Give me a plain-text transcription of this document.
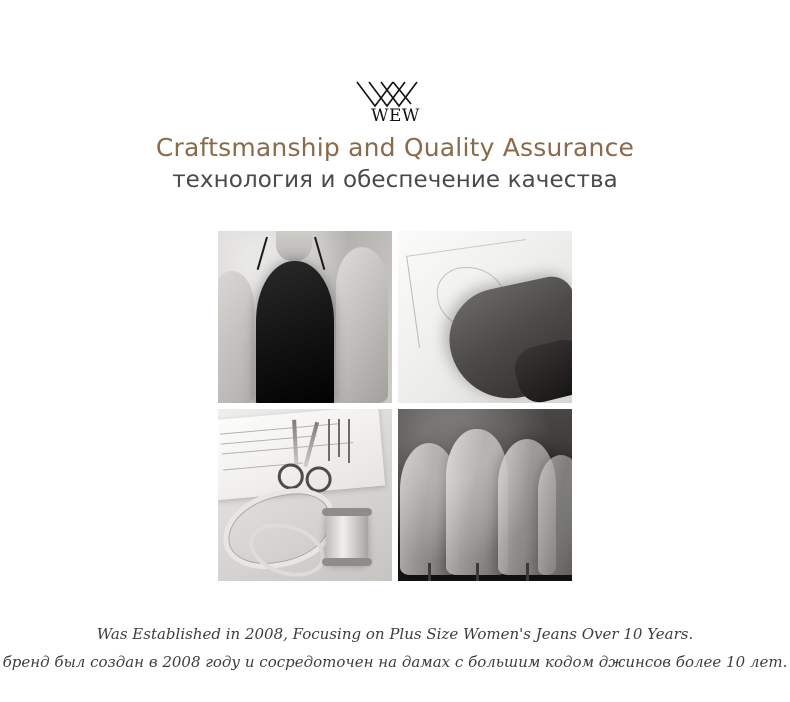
WEW
Craftsmanship and Quality Assurance
технология и обеспечение качества
Was Established in 2008, Focusing on Plus Size Women's Jeans Over 10 Years.
бренд был создан в 2008 году и сосредоточен на дамах с большим кодом джинсов более 10 лет.
